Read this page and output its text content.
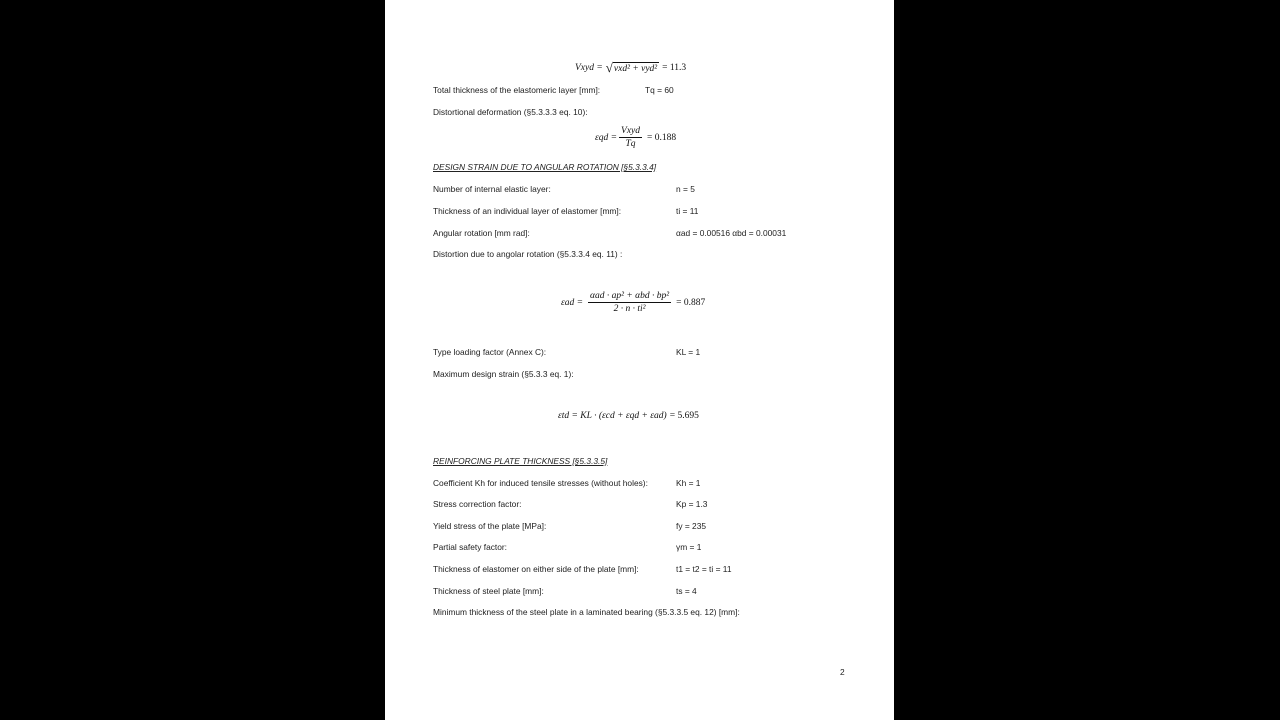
Vxyd = √ vxd² + vyd² = 11.3
Total thickness of the elastomeric layer [mm]:	Tq = 60
Distortional deformation (§5.3.3.3 eq. 10):
$\varepsilon qd = \frac{\text{Vxyd}}{Tq} = 0.188$
DESIGN STRAIN DUE TO ANGULAR ROTATION [§5.3.3.4]
Number of internal elastic layer:	n = 5
Thickness of an individual layer of elastomer [mm]:	ti = 11
Angular rotation [mm rad]:	αad = 0.00516 αbd = 0.00031
Distortion due to angolar rotation (§5.3.3.4 eq. 11) :
$\varepsilon ad = \frac{\text{αad · ap² + αbd · bp²}}{\text{2 · n · ti²}} = 0.887$
Type loading factor (Annex C):	KL = 1
Maximum design strain (§5.3.3 eq. 1):
εtd = KL · (εcd + εqd + εad) = 5.695
REINFORCING PLATE THICKNESS [§5.3.3.5]
Coefficient Kh for induced tensile stresses (without holes):	Kh = 1
Stress correction factor:	Kp = 1.3
Yield stress of the plate [MPa]:	fy = 235
Partial safety factor:	γm = 1
Thickness of elastomer on either side of the plate [mm]:	t1 = t2 = ti = 11
Thickness of steel plate [mm]:	ts = 4
Minimum thickness of the steel plate in a laminated bearing (§5.3.3.5 eq. 12) [mm]:
2
